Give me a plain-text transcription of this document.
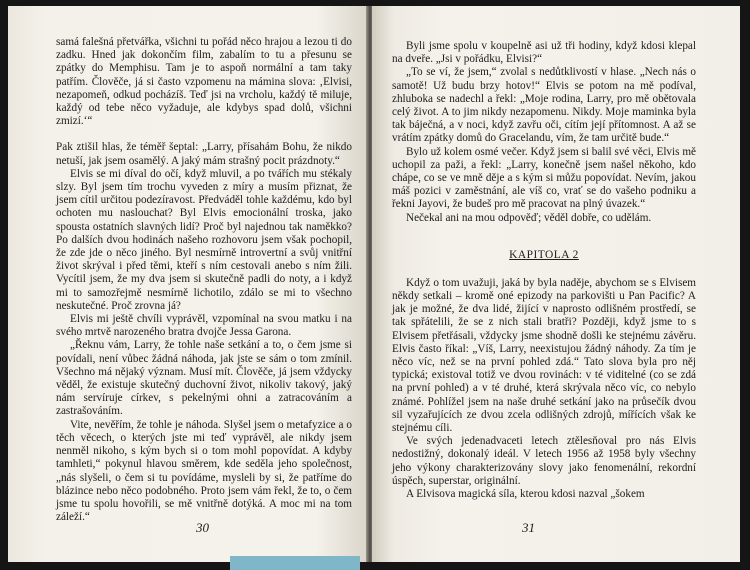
samá falešná přetvářka, všichni tu pořád něco hrajou a lezou ti do zadku. Hned jak dokončím film, zabalím to tu a přesunu se zpátky do Memphisu. Tam je to aspoň normální a tam taky patřím. Člověče, já si často vzpomenu na mámina slova: ‚Elvisi, nezapomeň, odkud pocházíš. Teď jsi na vrcholu, každý tě miluje, každý od tebe něco vyžaduje, ale kdybys spad dolů, všichni zmizí.‘“

Pak ztišil hlas, že téměř šeptal: „Larry, přísahám Bohu, že nikdo netuší, jak jsem osamělý. A jaký mám strašný pocit prázdnoty.“

Elvis se mi díval do očí, když mluvil, a po tvářích mu stékaly slzy. Byl jsem tím trochu vyveden z míry a musím přiznat, že jsem cítil určitou podezíravost. Předváděl tohle každému, kdo byl ochoten mu naslouchat? Byl Elvis emocionální troska, jako spousta ostatních slavných lidí? Proč byl najednou tak naměkko? Po dalších dvou hodinách našeho rozhovoru jsem však pochopil, že zde jde o něco jiného. Byl nesmírně introvertní a svůj vnitřní život skrýval i před těmi, kteří s ním cestovali anebo s ním žili. Vycítil jsem, že my dva jsem si skutečně padli do noty, a i když mi to samozřejmě nesmírně lichotilo, zdálo se mi to všechno neskutečné. Proč zrovna já?

Elvis mi ještě chvíli vyprávěl, vzpomínal na svou matku i na svého mrtvě narozeného bratra dvojče Jessa Garona.

„Řeknu vám, Larry, že tohle naše setkání a to, o čem jsme si povídali, není vůbec žádná náhoda, jak jste se sám o tom zmínil. Všechno má nějaký význam. Musí mít. Člověče, já jsem vždycky věděl, že existuje skutečný duchovní život, nikoliv takový, jaký nám servíruje církev, s pekelnými ohni a zatracováním a zastrašováním.

Vite, nevěřím, že tohle je náhoda. Slyšel jsem o metafyzice a o těch věcech, o kterých jste mi teď vyprávěl, ale nikdy jsem nenměl nikoho, s kým bych si o tom mohl popovídat. A kdyby tamhleti,“ pokynul hlavou směrem, kde seděla jeho společnost, „nás slyšeli, o čem si tu povídáme, mysleli by si, že patříme do blázince nebo něco podobného. Proto jsem vám řekl, že to, o čem jsme tu spolu hovořili, se mě vnitřně dotýká. A moc mi na tom záleží.“

30

Byli jsme spolu v koupelně asi už tři hodiny, když kdosi klepal na dveře. „Jsi v pořádku, Elvisi?“

„To se ví, že jsem,“ zvolal s nedůtklivostí v hlase. „Nech nás o samotě! Už budu brzy hotov!“ Elvis se potom na mě podíval, zhluboka se nadechl a řekl: „Moje rodina, Larry, pro mě obětovala celý život. A to jim nikdy nezapomenu. Nikdy. Moje maminka byla tak báječná, a v noci, když zavřu oči, cítím její přítomnost. A až se vrátím zpátky domů do Gracelandu, vím, že tam určitě bude.“

Bylo už kolem osmé večer. Když jsem si balil své věci, Elvis mě uchopil za paži, a řekl: „Larry, konečně jsem našel někoho, kdo chápe, co se ve mně děje a s kým si můžu popovídat. Nevím, jakou máš pozici v zaměstnání, ale víš co, vrať se do vašeho podniku a řekni Jayovi, že budeš pro mě pracovat na plný úvazek.“

Nečekal ani na mou odpověď; věděl dobře, co udělám.

KAPITOLA 2

Když o tom uvažuji, jaká by byla naděje, abychom se s Elvisem někdy setkali – kromě oné epizody na parkovišti u Pan Pacific? A jak je možné, že dva lidé, žijící v naprosto odlišném prostředí, se tak spřátelili, že se z nich stali bratři? Později, když jsme to s Elvisem přetřásali, vždycky jsme shodně došli ke stejnému závěru. Elvis často říkal: „Víš, Larry, neexistujou žádný náhody. Za tím je něco víc, než se na první pohled zdá.“ Tato slova byla pro něj typická; existoval totiž ve dvou rovinách: v té viditelné (co se zdá na první pohled) a v té druhé, která skrývala něco víc, co nebylo známé. Pohlížel jsem na naše druhé setkání jako na průsečík dvou sil vyzařujících ze dvou zcela odlišných zdrojů, mířících však ke stejnému cíli.

Ve svých jedenadvaceti letech ztělesňoval pro nás Elvis nedostižný, dokonalý ideál. V letech 1956 až 1958 byly všechny jeho výkony charakterizovány slovy jako fenomenální, rekordní úspěch, superstar, originální.

A Elvisova magická síla, kterou kdosi nazval „šokem

31
